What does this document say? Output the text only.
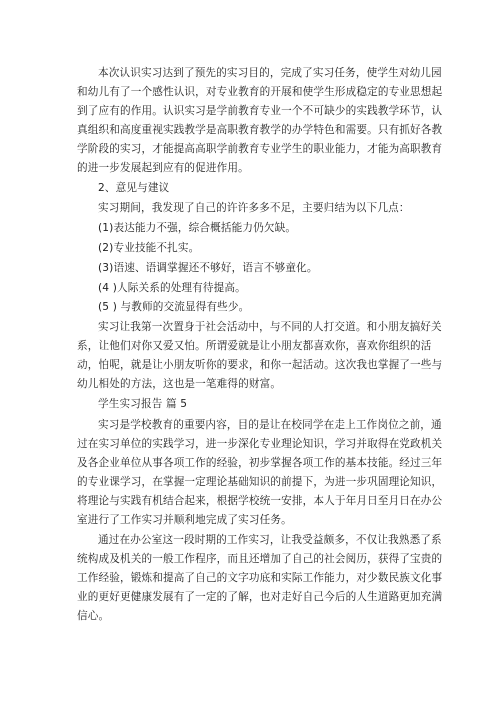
本次认识实习达到了预先的实习目的，完成了实习任务，使学生对幼儿园

和幼儿有了一个感性认识，对专业教育的开展和使学生形成稳定的专业思想起

到了应有的作用。认识实习是学前教育专业一个不可缺少的实践教学环节，认

真组织和高度重视实践教学是高职教育教学的办学特色和需要。只有抓好各教

学阶段的实习，才能提高高职学前教育专业学生的职业能力，才能为高职教育

的进一步发展起到应有的促进作用。

2、意见与建议

实习期间，我发现了自己的许许多多不足，主要归结为以下几点：

(1)表达能力不强，综合概括能力仍欠缺。

(2)专业技能不扎实。

(3)语速、语调掌握还不够好，语言不够童化。

(4 )人际关系的处理有待提高。

(5 ) 与教师的交流显得有些少。

实习让我第一次置身于社会活动中，与不同的人打交道。和小朋友搞好关

系，让他们对你又爱又怕。所谓爱就是让小朋友都喜欢你，喜欢你组织的活

动，怕呢，就是让小朋友听你的要求，和你一起活动。这次我也掌握了一些与

幼儿相处的方法，这也是一笔难得的财富。

学生实习报告 篇 5

实习是学校教育的重要内容，目的是让在校同学在走上工作岗位之前，通

过在实习单位的实践学习，进一步深化专业理论知识，学习并取得在党政机关

及各企业单位从事各项工作的经验，初步掌握各项工作的基本技能。经过三年

的专业课学习，在掌握一定理论基础知识的前提下，为进一步巩固理论知识，

将理论与实践有机结合起来，根据学校统一安排，本人于年月日至月日在办公

室进行了工作实习并顺利地完成了实习任务。

通过在办公室这一段时期的工作实习，让我受益颇多，不仅让我熟悉了系

统构成及机关的一般工作程序，而且还增加了自己的社会阅历，获得了宝贵的

工作经验，锻炼和提高了自己的文字功底和实际工作能力，对少数民族文化事

业的更好更健康发展有了一定的了解，也对走好自己今后的人生道路更加充满

信心。
